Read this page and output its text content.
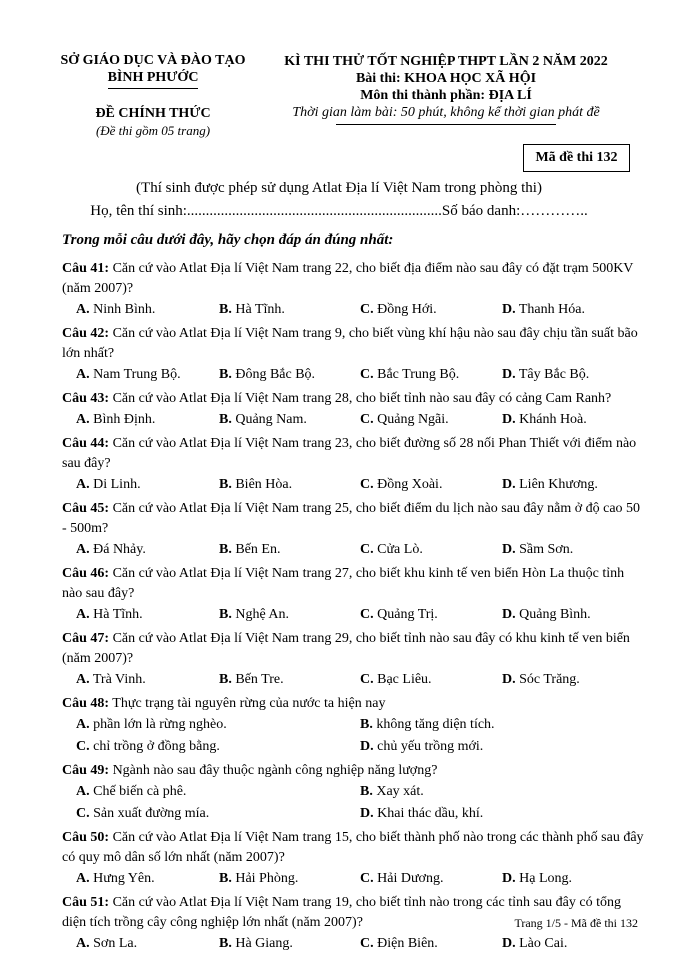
SỞ GIÁO DỤC VÀ ĐÀO TẠO
BÌNH PHƯỚC
ĐỀ CHÍNH THỨC
(Đề thi gồm 05 trang)
KÌ THI THỬ TỐT NGHIỆP THPT LẦN 2 NĂM 2022
Bài thi: KHOA HỌC XÃ HỘI
Môn thi thành phần: ĐỊA LÍ
Thời gian làm bài: 50 phút, không kể thời gian phát đề
Mã đề thi 132
(Thí sinh được phép sử dụng Atlat Địa lí Việt Nam trong phòng thi)
Họ, tên thí sinh:....................................................................Số báo danh:…………..
Trong mỗi câu dưới đây, hãy chọn đáp án đúng nhất:
Câu 41: Căn cứ vào Atlat Địa lí Việt Nam trang 22, cho biết địa điểm nào sau đây có đặt trạm 500KV (năm 2007)?
A. Ninh Bình.	B. Hà Tĩnh.	C. Đồng Hới.	D. Thanh Hóa.
Câu 42: Căn cứ vào Atlat Địa lí Việt Nam trang 9, cho biết vùng khí hậu nào sau đây chịu tần suất bão lớn nhất?
A. Nam Trung Bộ.	B. Đông Bắc Bộ.	C. Bắc Trung Bộ.	D. Tây Bắc Bộ.
Câu 43: Căn cứ vào Atlat Địa lí Việt Nam trang 28, cho biết tỉnh nào sau đây có cảng Cam Ranh?
A. Bình Định.	B. Quảng Nam.	C. Quảng Ngãi.	D. Khánh Hoà.
Câu 44: Căn cứ vào Atlat Địa lí Việt Nam trang 23, cho biết đường số 28 nối Phan Thiết với điểm nào sau đây?
A. Di Linh.	B. Biên Hòa.	C. Đồng Xoài.	D. Liên Khương.
Câu 45: Căn cứ vào Atlat Địa lí Việt Nam trang 25, cho biết điểm du lịch nào sau đây nằm ở độ cao 50 - 500m?
A. Đá Nhảy.	B. Bến En.	C. Cửa Lò.	D. Sầm Sơn.
Câu 46: Căn cứ vào Atlat Địa lí Việt Nam trang 27, cho biết khu kinh tế ven biển Hòn La thuộc tỉnh nào sau đây?
A. Hà Tĩnh.	B. Nghệ An.	C. Quảng Trị.	D. Quảng Bình.
Câu 47: Căn cứ vào Atlat Địa lí Việt Nam trang 29, cho biết tỉnh nào sau đây có khu kinh tế ven biển (năm 2007)?
A. Trà Vinh.	B. Bến Tre.	C. Bạc Liêu.	D. Sóc Trăng.
Câu 48: Thực trạng tài nguyên rừng của nước ta hiện nay
A. phần lớn là rừng nghèo.	B. không tăng diện tích.
C. chỉ trồng ở đồng bằng.	D. chủ yếu trồng mới.
Câu 49: Ngành nào sau đây thuộc ngành công nghiệp năng lượng?
A. Chế biến cà phê.	B. Xay xát.
C. Sản xuất đường mía.	D. Khai thác dầu, khí.
Câu 50: Căn cứ vào Atlat Địa lí Việt Nam trang 15, cho biết thành phố nào trong các thành phố sau đây có quy mô dân số lớn nhất (năm 2007)?
A. Hưng Yên.	B. Hải Phòng.	C. Hải Dương.	D. Hạ Long.
Câu 51: Căn cứ vào Atlat Địa lí Việt Nam trang 19, cho biết tỉnh nào trong các tỉnh sau đây có tổng diện tích trồng cây công nghiệp lớn nhất (năm 2007)?
A. Sơn La.	B. Hà Giang.	C. Điện Biên.	D. Lào Cai.
Trang 1/5 - Mã đề thi 132
